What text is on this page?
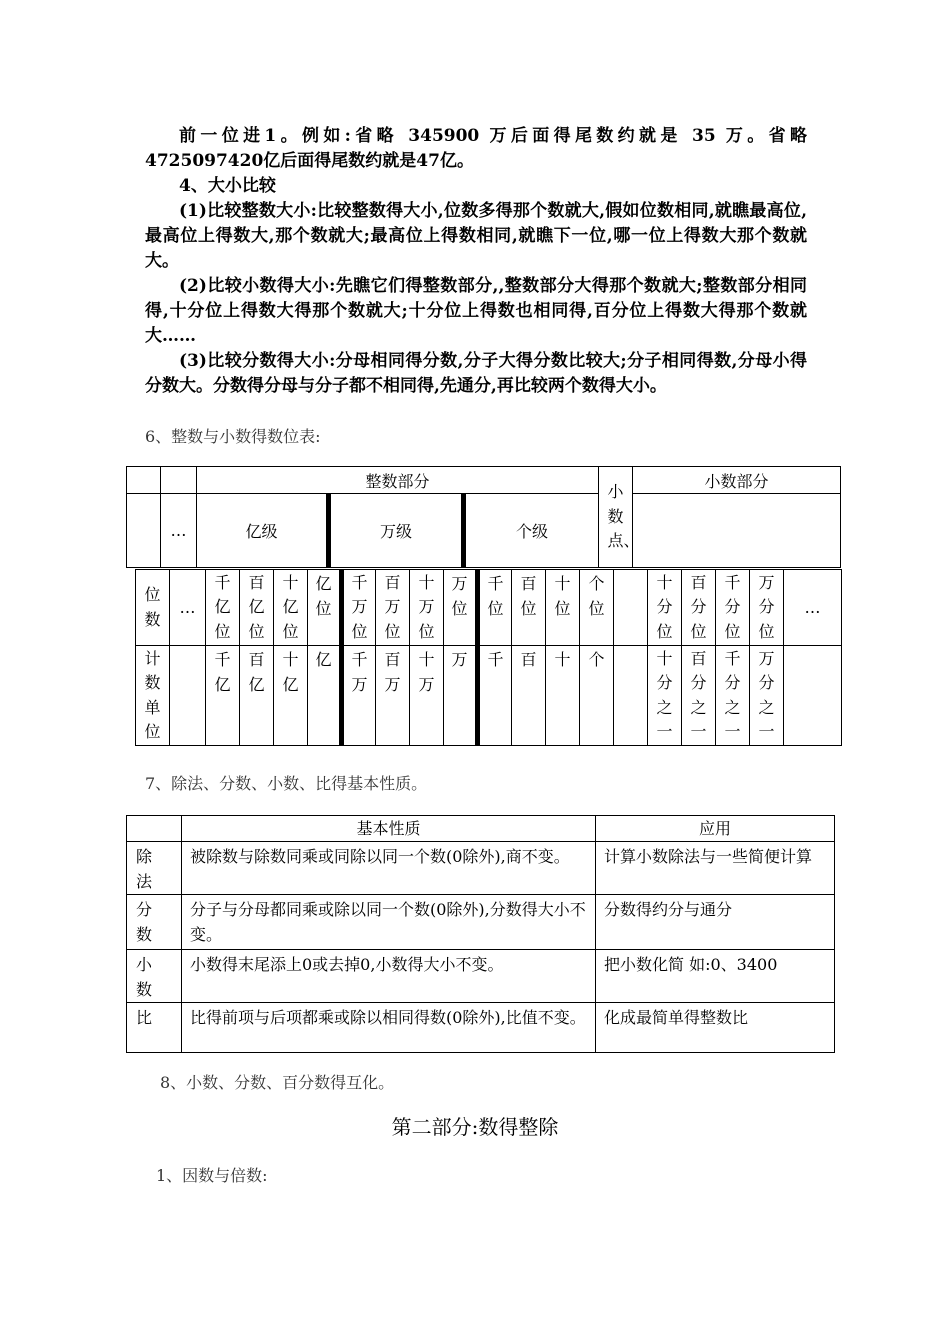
前一位进1。例如:省略 345900 万后面得尾数约就是 35 万。省略4725097420亿后面得尾数约就是47亿。

4、大小比较

(1)比较整数大小:比较整数得大小,位数多得那个数就大,假如位数相同,就瞧最高位,最高位上得数大,那个数就大;最高位上得数相同,就瞧下一位,哪一位上得数大那个数就大。

(2)比较小数得大小:先瞧它们得整数部分,,整数部分大得那个数就大;整数部分相同得,十分位上得数大得那个数就大;十分位上得数也相同得,百分位上得数大得那个数就大……

(3)比较分数得大小:分母相同得分数,分子大得分数比较大;分子相同得数,分母小得分数大。分数得分母与分子都不相同得,先通分,再比较两个数得大小。

6、整数与小数得数位表:
		整数部分			小数点、	小数部分
	…	亿级	万级	个级		
位数	…	千亿位	百亿位	十亿位	亿位	千万位	百万位	十万位	万位	千位	百位	十位	个位		十分位	百分位	千分位	万分位	…

计数单位		千亿	百亿	十亿	亿	千万	百万	十万	万	千	百	十	个		十分之一	百分之一	千分之一	万分之一	

7、除法、分数、小数、比得基本性质。
	基本性质	应用

除法	被除数与除数同乘或同除以同一个数(0除外),商不变。	计算小数除法与一些简便计算

分数	分子与分母都同乘或除以同一个数(0除外),分数得大小不变。	分数得约分与通分

小数	小数得末尾添上0或去掉0,小数得大小不变。	把小数化简 如:0、3400

比	比得前项与后项都乘或除以相同得数(0除外),比值不变。	化成最简单得整数比
8、小数、分数、百分数得互化。
第二部分:数得整除
1、因数与倍数:
